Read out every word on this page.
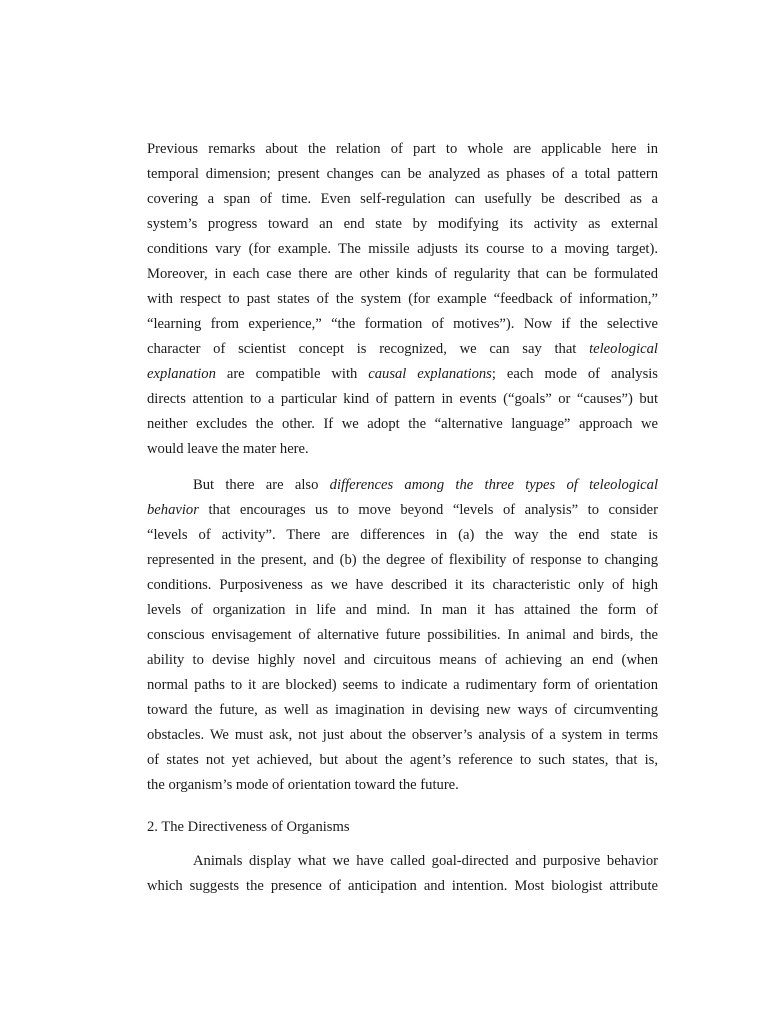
Previous remarks about the relation of part to whole are applicable here in
temporal dimension; present changes can be analyzed as phases of a total pattern
covering a span of time. Even self-regulation can usefully be described as a
system’s progress toward an end state by modifying its activity as external
conditions vary (for example. The missile adjusts its course to a moving target).
Moreover, in each case there are other kinds of regularity that can be formulated
with respect to past states of the system (for example “feedback of information,”
“learning from experience,” “the formation of motives”). Now if the selective
character of scientist concept is recognized, we can say that teleological
explanation are compatible with causal explanations; each mode of analysis
directs attention to a particular kind of pattern in events (“goals” or “causes”) but
neither excludes the other. If we adopt the “alternative language” approach we
would leave the mater here.
But there are also differences among the three types of teleological
behavior that encourages us to move beyond “levels of analysis” to consider
“levels of activity”. There are differences in (a) the way the end state is
represented in the present, and (b) the degree of flexibility of response to changing
conditions. Purposiveness as we have described it its characteristic only of high
levels of organization in life and mind. In man it has attained the form of
conscious envisagement of alternative future possibilities. In animal and birds, the
ability to devise highly novel and circuitous means of achieving an end (when
normal paths to it are blocked) seems to indicate a rudimentary form of orientation
toward the future, as well as imagination in devising new ways of circumventing
obstacles. We must ask, not just about the observer’s analysis of a system in terms
of states not yet achieved, but about the agent’s reference to such states, that is,
the organism’s mode of orientation toward the future.
2. The Directiveness of Organisms
Animals display what we have called goal-directed and purposive behavior
which suggests the presence of anticipation and intention. Most biologist attribute
